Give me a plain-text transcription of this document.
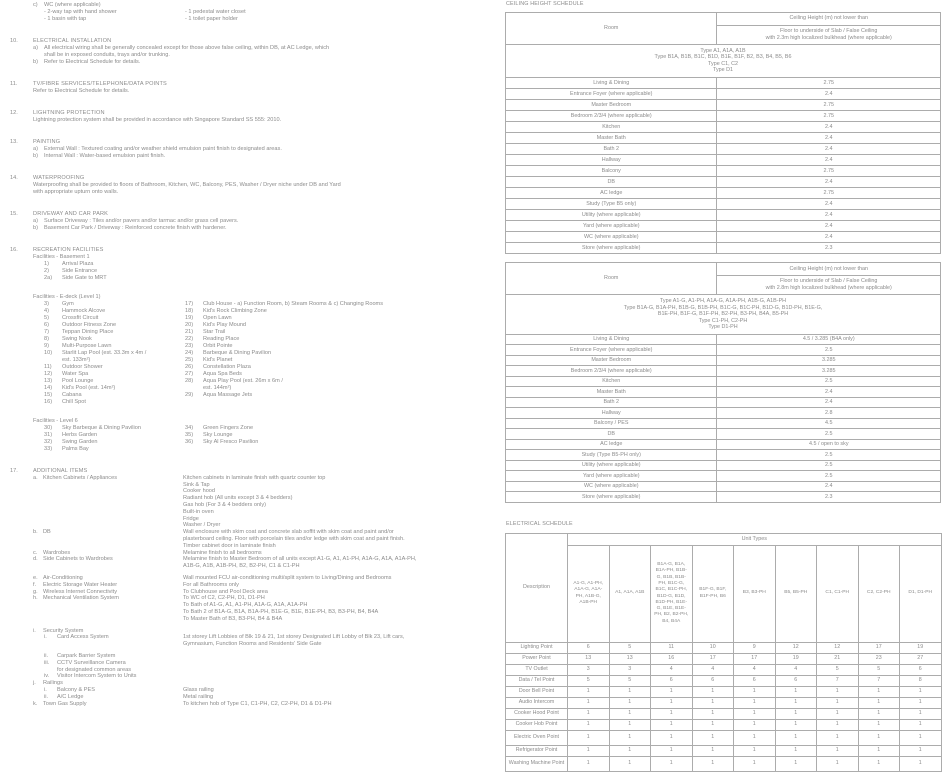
c) WC (where applicable)
- 2-way tap with hand shower	- 1 pedestal water closet
- 1 basin with tap	- 1 toilet paper holder
10.	ELECTRICAL INSTALLATION
a) All electrical wiring shall be generally concealed except for those above false ceiling, within DB, at AC Ledge, which
shall be in exposed conduits, trays and/or trunking.
b) Refer to Electrical Schedule for details.
11.	TV/FIBRE SERVICES/TELEPHONE/DATA POINTS
Refer to Electrical Schedule for details.
12.	LIGHTNING PROTECTION
Lightning protection system shall be provided in accordance with Singapore Standard SS 555: 2010.
13.	PAINTING
a) External Wall : Textured coating and/or weather shield emulsion paint finish to designated areas.
b) Internal Wall : Water-based emulsion paint finish.
14.	WATERPROOFING
Waterproofing shall be provided to floors of Bathroom, Kitchen, WC, Balcony, PES, Washer / Dryer niche under DB and Yard
with appropriate upturn onto walls.
15.	DRIVEWAY AND CAR PARK
a) Surface Driveway : Tiles and/or pavers and/or tarmac and/or grass cell pavers.
b) Basement Car Park / Driveway : Reinforced concrete finish with hardener.
16.	RECREATION FACILITIES
Facilities - Basement 1
1) Arrival Plaza
2) Side Entrance
2a) Side Gate to MRT
Facilities - E-deck (Level 1)
3) Gym	17) Club House - a) Function Room, b) Steam Rooms & c) Changing Rooms
4) Hammock Alcove	18) Kid's Rock Climbing Zone
5) Crossfit Circuit	19) Open Lawn
6) Outdoor Fitness Zone	20) Kid's Play Mound
7) Teppan Dining Place	21) Star Trail
8) Swing Nook	22) Reading Place
9) Multi-Purpose Lawn	23) Orbit Pointe
10) Starlit Lap Pool (est. 33.3m x 4m /	24) Barbeque & Dining Pavilion
est. 133m²)	25) Kid's Planet
11) Outdoor Shower	26) Constellation Plaza
12) Water Spa	27) Aqua Spa Beds
13) Pool Lounge	28) Aqua Play Pool (est. 26m x 6m /
14) Kid's Pool (est. 14m²)	est. 144m²)
15) Cabana	29) Aqua Massage Jets
16) Chill Spot
Facilities - Level 6
30) Sky Barbeque & Dining Pavilion	34) Green Fingers Zone
31) Herbs Garden	35) Sky Lounge
32) Swing Garden	36) Sky Al Fresco Pavilion
33) Palms Bay
17.	ADDITIONAL ITEMS
a. Kitchen Cabinets / Appliances	Kitchen cabinets in laminate finish with quartz counter top
Sink & Tap
Cooker hood
Radiant hob (All units except 3 & 4 bedders)
Gas hob (For 3 & 4 bedders only)
Built-in oven
Fridge
Washer / Dryer
b. DB	Wall enclosure with skim coat and concrete slab soffit with skim coat and paint and/or
plasterboard ceiling. Floor with porcelain tiles and/or ledge with skim coat and paint finish.
Timber cabinet door in laminate finish
c. Wardrobes	Melamine finish to all bedrooms
d. Side Cabinets to Wardrobes	Melamine finish to Master Bedroom of all units except A1-G, A1, A1-PH, A1A-G, A1A, A1A-PH,
A1B-G, A1B, A1B-PH, B2, B2-PH, C1 & C1-PH
e. Air-Conditioning	Wall mounted FCU air-conditioning multi/split system to Living/Dining and Bedrooms
f. Electric Storage Water Heater	For all Bathrooms only
g. Wireless Internet Connectivity	To Clubhouse and Pool Deck area
h. Mechanical Ventilation System	To WC of C2, C2-PH, D1, D1-PH
To Bath of A1-G, A1, A1-PH, A1A-G, A1A, A1A-PH
To Bath 2 of B1A-G, B1A, B1A-PH, B1E-G, B1E, B1E-PH, B3, B3-PH, B4, B4A
To Master Bath of B3, B3-PH, B4 & B4A
i. Security System
i. Card Access System	1st storey Lift Lobbies of Blk 19 & 21, 1st storey Designated Lift Lobby of Blk 23, Lift cars,
Gymnasium, Function Rooms and Residents' Side Gate
ii. Carpark Barrier System
iii. CCTV Surveillance Camera
for designated common areas
iv. Visitor Intercom System to Units
j. Railings
i. Balcony & PES	Glass railing
ii. A/C Ledge	Metal railing
k. Town Gas Supply	To kitchen hob of Type C1, C1-PH, C2, C2-PH, D1 & D1-PH
CEILING HEIGHT SCHEDULE
Room	Ceiling Height (m) not lower than

	Floor to underside of Slab / False Ceiling
with 2.3m high localized bulkhead (where applicable)

Type A1, A1A, A1B
Type B1A, B1B, B1C, B1D, B1E, B1F, B2, B3, B4, B5, B6
Type C1, C2
Type D1	

Living & Dining	2.75
Entrance Foyer (where applicable)	2.4
Master Bedroom	2.75
Bedroom 2/3/4 (where applicable)	2.75
Kitchen	2.4
Master Bath	2.4
Bath 2	2.4
Hallway	2.4
Balcony	2.75
DB	2.4
AC ledge	2.75
Study (Type B5 only)	2.4
Utility (where applicable)	2.4
Yard (where applicable)	2.4
WC (where applicable)	2.4
Store (where applicable)	2.3
Room	Ceiling Height (m) not lower than

	Floor to underside of Slab / False Ceiling
with 2.8m high localized bulkhead (where applicable)

Type A1-G, A1-PH, A1A-G, A1A-PH, A1B-G, A1B-PH
Type B1A-G, B1A-PH, B1B-G, B1B-PH, B1C-G, B1C-PH, B1D-G, B1D-PH, B1E-G,
B1E-PH, B1F-G, B1F-PH, B2-PH, B3-PH, B4A, B5-PH
Type C1-PH, C2-PH
Type D1-PH	

Living & Dining	4.5 / 3.285 (B4A only)
Entrance Foyer (where applicable)	2.5
Master Bedroom	3.285
Bedroom 2/3/4 (where applicable)	3.285
Kitchen	2.5
Master Bath	2.4
Bath 2	2.4
Hallway	2.8
Balcony / PES	4.5
DB	2.5
AC ledge	4.5 / open to sky
Study (Type B5-PH only)	2.5
Utility (where applicable)	2.5
Yard (where applicable)	2.5
WC (where applicable)	2.4
Store (where applicable)	2.3
ELECTRICAL SCHEDULE
Description	Unit Types								
	A1-G, A1-PH, A1A-G, A1A-PH, A1B-G, A1B-PH	A1, A1A, A1B	B1A-G, B1A, B1A-PH, B1B-G, B1B, B1B-PH, B1C-G, B1C, B1C-PH, B1D-G, B1D, B1D-PH, B1E-G, B1E, B1E-PH, B2, B2-PH, B4, B4A	B1F-G, B1F, B1F-PH, B6	B3, B3-PH	B5, B5-PH	C1, C1-PH	C2, C2-PH	D1, D1-PH
Lighting Point	6	5	11	10	9	12	12	17	19
Power Point	13	13	16	17	17	19	21	23	27
TV Outlet	3	3	4	4	4	4	5	5	6
Data / Tel Point	5	5	6	6	6	6	7	7	8
Door Bell Point	1	1	1	1	1	1	1	1	1
Audio Intercom	1	1	1	1	1	1	1	1	1
Cooker Hood Point	1	1	1	1	1	1	1	1	1
Cooker Hob Point	1	1	1	1	1	1	1	1	1
Electric Oven Point	1	1	1	1	1	1	1	1	1
Refrigerator Point	1	1	1	1	1	1	1	1	1
Washing Machine Point	1	1	1	1	1	1	1	1	1
